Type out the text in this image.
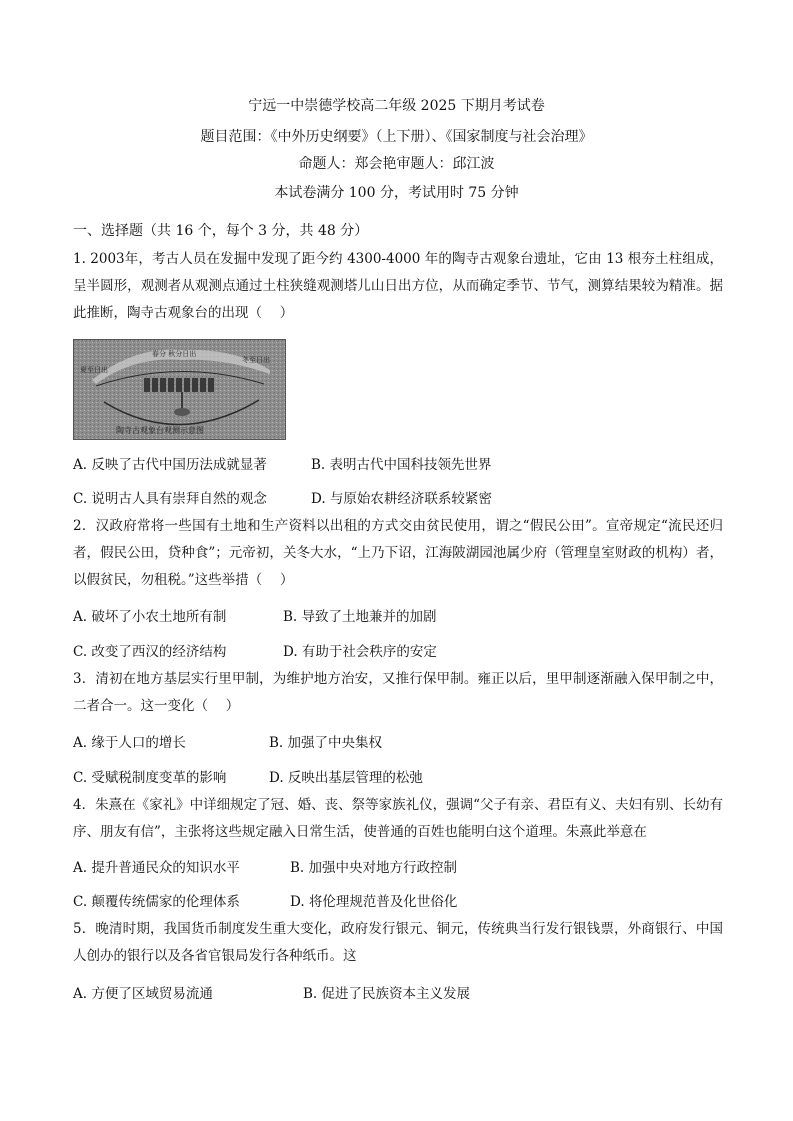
宁远一中崇德学校高二年级 2025 下期月考试卷
题目范围：《中外历史纲要》（上下册）、《国家制度与社会治理》
命题人：郑会艳审题人：邱江波
本试卷满分 100 分，考试用时 75 分钟
一、选择题（共 16 个，每个 3 分，共 48 分）
1. 2003年，考古人员在发掘中发现了距今约 4300-4000 年的陶寺古观象台遗址，它由 13 根夯土柱组成，呈半圆形，观测者从观测点通过土柱狭缝观测塔儿山日出方位，从而确定季节、节气，测算结果较为精准。据此推断，陶寺古观象台的出现（　 ）
春分 秋分日出
夏至日出
冬至日出
陶寺古观象台观测示意图
A. 反映了古代中国历法成就显著	B. 表明古代中国科技领先世界
C. 说明古人具有崇拜自然的观念	D. 与原始农耕经济联系较紧密
2．汉政府常将一些国有土地和生产资料以出租的方式交由贫民使用，谓之“假民公田”。宣帝规定“流民还归者，假民公田，贷种食”；元帝初，关冬大水，“上乃下诏，江海陂湖园池属少府（管理皇室财政的机构）者，以假贫民，勿租税。”这些举措（　 ）
A. 破坏了小农土地所有制	B. 导致了土地兼并的加剧
C. 改变了西汉的经济结构	D. 有助于社会秩序的安定
3．清初在地方基层实行里甲制，为维护地方治安，又推行保甲制。雍正以后，里甲制逐渐融入保甲制之中，二者合一。这一变化（　 ）
A. 缘于人口的增长	B. 加强了中央集权
C. 受赋税制度变革的影响	D. 反映出基层管理的松弛
4．朱熹在《家礼》中详细规定了冠、婚、丧、祭等家族礼仪，强调“父子有亲、君臣有义、夫妇有别、长幼有序、朋友有信”，主张将这些规定融入日常生活，使普通的百姓也能明白这个道理。朱熹此举意在
A. 提升普通民众的知识水平	B. 加强中央对地方行政控制
C. 颠覆传统儒家的伦理体系	D. 将伦理规范普及化世俗化
5．晚清时期，我国货币制度发生重大变化，政府发行银元、铜元，传统典当行发行银钱票，外商银行、中国人创办的银行以及各省官银局发行各种纸币。这
A. 方便了区域贸易流通	B. 促进了民族资本主义发展
